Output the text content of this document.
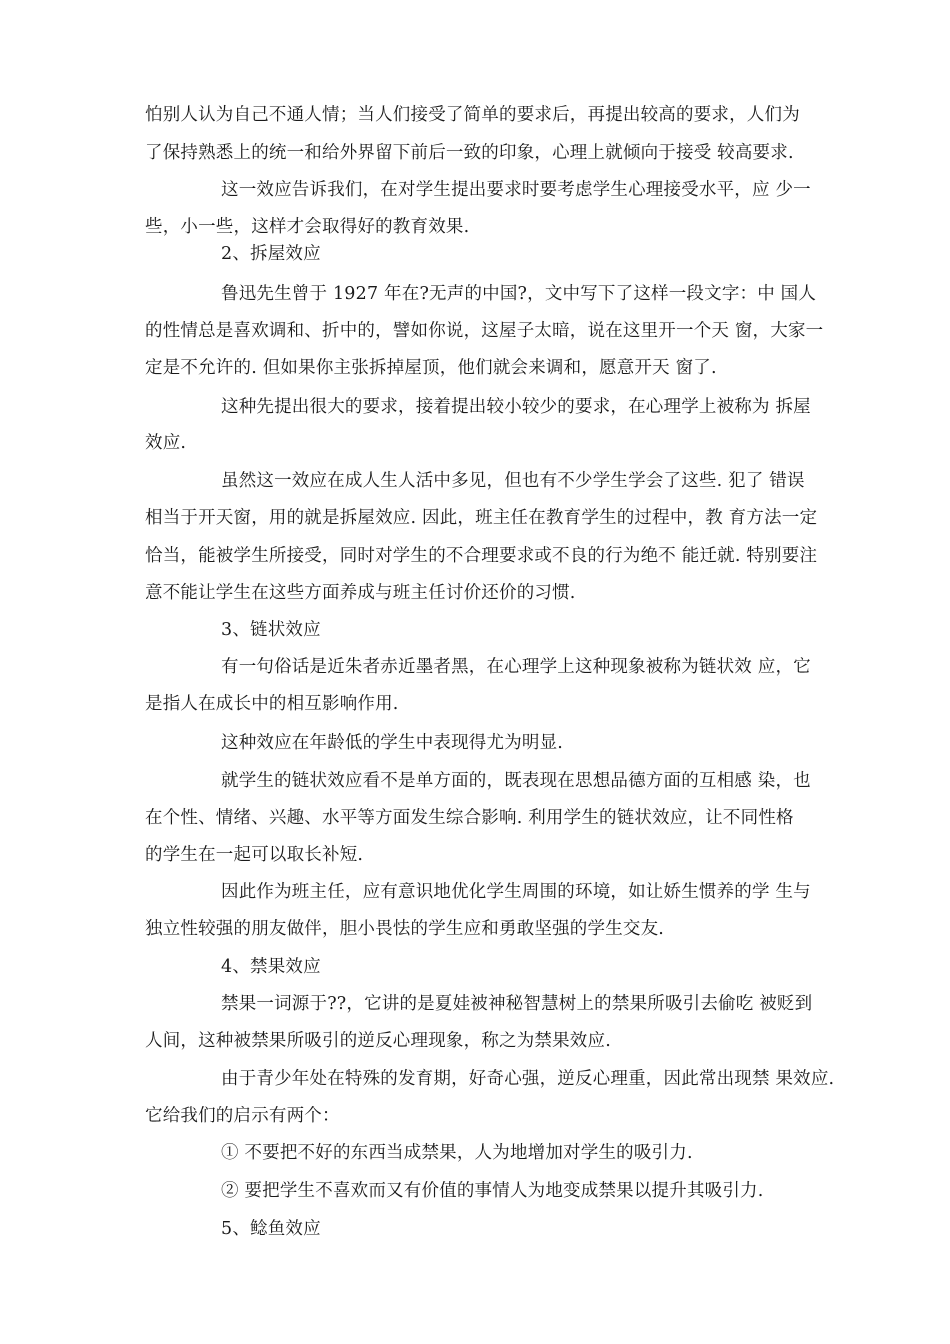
怕别人认为自己不通人情；当人们接受了简单的要求后，再提出较高的要求，人们为
了保持熟悉上的统一和给外界留下前后一致的印象，心理上就倾向于接受 较高要求.
这一效应告诉我们，在对学生提出要求时要考虑学生心理接受水平，应 少一
些，小一些，这样才会取得好的教育效果.
2、拆屋效应
鲁迅先生曾于 1927 年在?无声的中国?，文中写下了这样一段文字：中 国人
的性情总是喜欢调和、折中的，譬如你说，这屋子太暗，说在这里开一个天 窗，大家一
定是不允许的. 但如果你主张拆掉屋顶，他们就会来调和，愿意开天 窗了.
这种先提出很大的要求，接着提出较小较少的要求，在心理学上被称为 拆屋
效应.
虽然这一效应在成人生人活中多见，但也有不少学生学会了这些. 犯了 错误
相当于开天窗，用的就是拆屋效应. 因此，班主任在教育学生的过程中，教 育方法一定
恰当，能被学生所接受，同时对学生的不合理要求或不良的行为绝不 能迁就. 特别要注
意不能让学生在这些方面养成与班主任讨价还价的习惯.
3、链状效应
有一句俗话是近朱者赤近墨者黑，在心理学上这种现象被称为链状效 应，它
是指人在成长中的相互影响作用.
这种效应在年龄低的学生中表现得尤为明显.
就学生的链状效应看不是单方面的，既表现在思想品德方面的互相感 染，也
在个性、情绪、兴趣、水平等方面发生综合影响. 利用学生的链状效应，让不同性格
的学生在一起可以取长补短.
因此作为班主任，应有意识地优化学生周围的环境，如让娇生惯养的学 生与
独立性较强的朋友做伴，胆小畏怯的学生应和勇敢坚强的学生交友.
4、禁果效应
禁果一词源于??，它讲的是夏娃被神秘智慧树上的禁果所吸引去偷吃 被贬到
人间，这种被禁果所吸引的逆反心理现象，称之为禁果效应.
由于青少年处在特殊的发育期，好奇心强，逆反心理重，因此常出现禁 果效应.
它给我们的启示有两个：
① 不要把不好的东西当成禁果，人为地增加对学生的吸引力.
② 要把学生不喜欢而又有价值的事情人为地变成禁果以提升其吸引力.
5、鲶鱼效应
